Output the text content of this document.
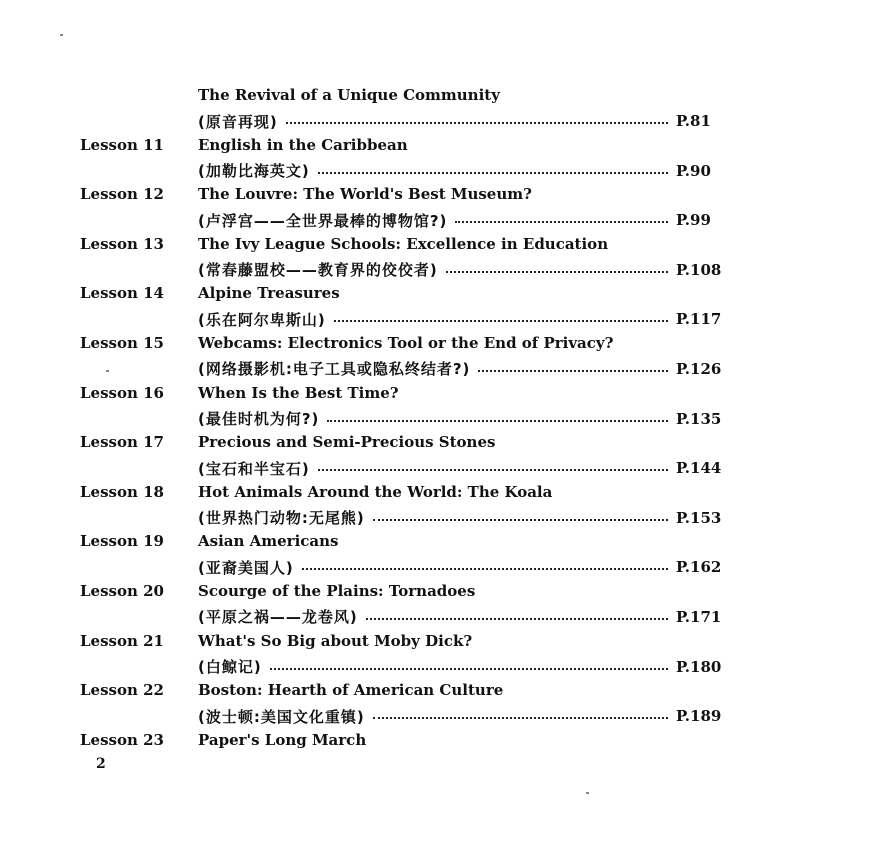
The Revival of a Unique Community
(原音再现)	P.81
Lesson 11	English in the Caribbean
(加勒比海英文)	P.90
Lesson 12	The Louvre: The World's Best Museum?
(卢浮宫——全世界最棒的博物馆?)	P.99
Lesson 13	The Ivy League Schools: Excellence in Education
(常春藤盟校——教育界的佼佼者)	P.108
Lesson 14	Alpine Treasures
(乐在阿尔卑斯山)	P.117
Lesson 15	Webcams: Electronics Tool or the End of Privacy?
(网络摄影机:电子工具或隐私终结者?)	P.126
Lesson 16	When Is the Best Time?
(最佳时机为何?)	P.135
Lesson 17	Precious and Semi-Precious Stones
(宝石和半宝石)	P.144
Lesson 18	Hot Animals Around the World: The Koala
(世界热门动物:无尾熊)	P.153
Lesson 19	Asian Americans
(亚裔美国人)	P.162
Lesson 20	Scourge of the Plains: Tornadoes
(平原之祸——龙卷风)	P.171
Lesson 21	What's So Big about Moby Dick?
(白鲸记)	P.180
Lesson 22	Boston: Hearth of American Culture
(波士顿:美国文化重镇)	P.189
Lesson 23	Paper's Long March
2
